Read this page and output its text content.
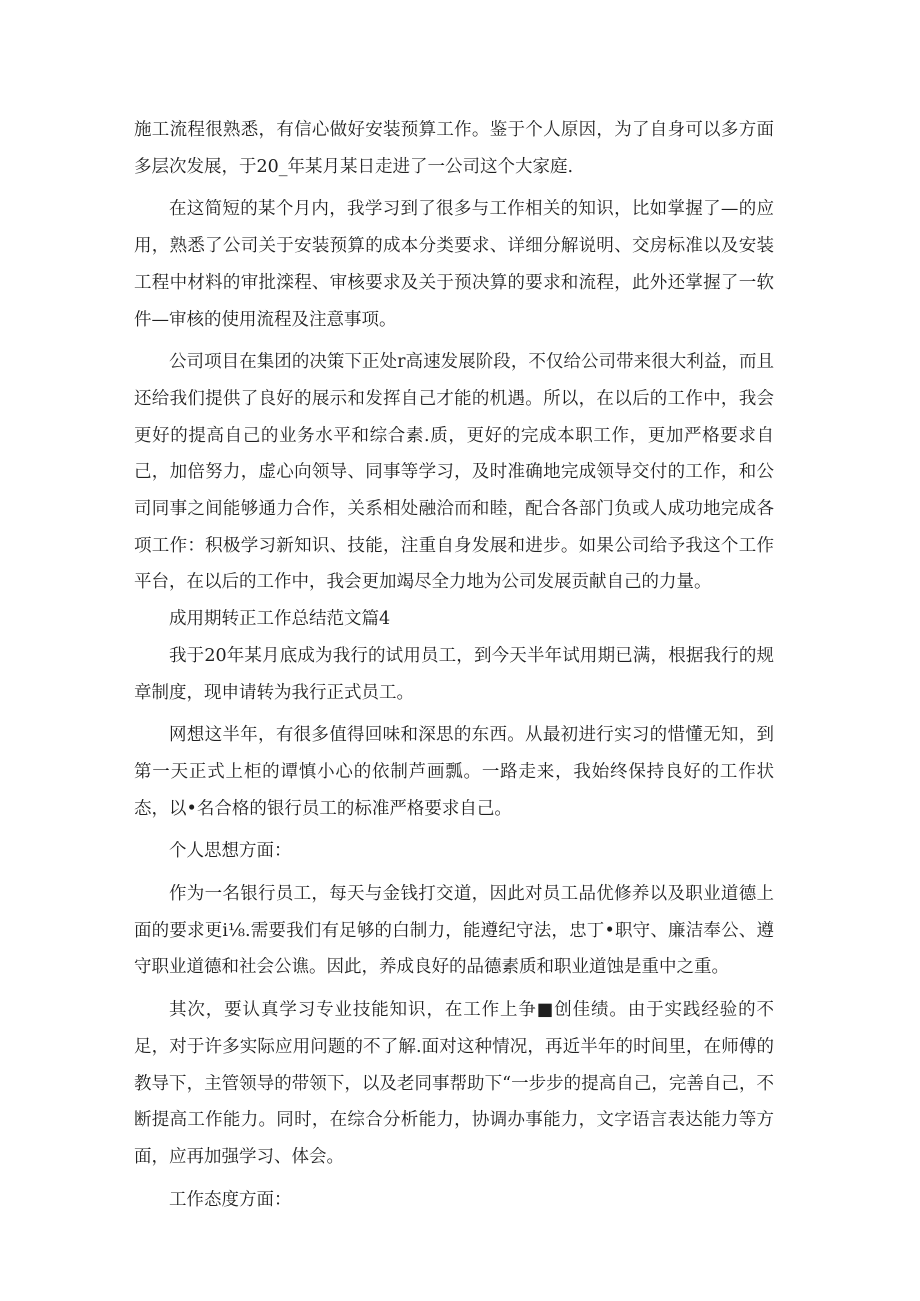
施工流程很熟悉，有信心做好安装预算工作。鉴于个人原因，为了自身可以多方面多层次发展，于20_年某月某日走进了一公司这个大家庭.

在这简短的某个月内，我学习到了很多与工作相关的知识，比如掌握了—的应用，熟悉了公司关于安装预算的成本分类要求、详细分解说明、交房标准以及安装工程中材料的审批滦程、审核要求及关于预决算的要求和流程，此外还掌握了一软件—审核的使用流程及注意事项。

公司项目在集团的决策下正处r高速发展阶段，不仅给公司带来很大利益，而且还给我们提供了良好的展示和发挥自己才能的机遇。所以，在以后的工作中，我会更好的提高自己的业务水平和综合素.质，更好的完成本职工作，更加严格要求自己，加倍努力，虚心向领导、同事等学习，及时准确地完成领导交付的工作，和公司同事之间能够通力合作，关系相处融洽而和睦，配合各部门负或人成功地完成各项工作：积极学习新知识、技能，注重自身发展和进步。如果公司给予我这个工作平台，在以后的工作中，我会更加竭尽全力地为公司发展贡献自己的力量。

成用期转正工作总结范文篇4

我于20年某月底成为我行的试用员工，到今天半年试用期已满，根据我行的规章制度，现申请转为我行正式员工。

网想这半年，有很多值得回味和深思的东西。从最初进行实习的惜懂无知，到第一天正式上柜的谭慎小心的依制芦画瓢。一路走来，我始终保持良好的工作状态，以•名合格的银行员工的标准严格要求自己。

个人思想方面：

作为一名银行员工，每天与金钱打交道，因此对员工品优修养以及职业道德上面的要求更i⅛.需要我们有足够的白制力，能遵纪守法，忠丁•职守、廉洁奉公、遵守职业道德和社会公谯。因此，养成良好的品德素质和职业道蚀是重中之重。

其次，要认真学习专业技能知识，在工作上争■创佳绩。由于实践经验的不足，对于许多实际应用问题的不了解.面对这种情况，再近半年的时间里，在师傅的教导下，主管领导的带领下，以及老同事帮助下“一步步的提高自己，完善自己，不断提高工作能力。同时，在综合分析能力，协调办事能力，文字语言表达能力等方面，应再加强学习、体会。

工作态度方面：
